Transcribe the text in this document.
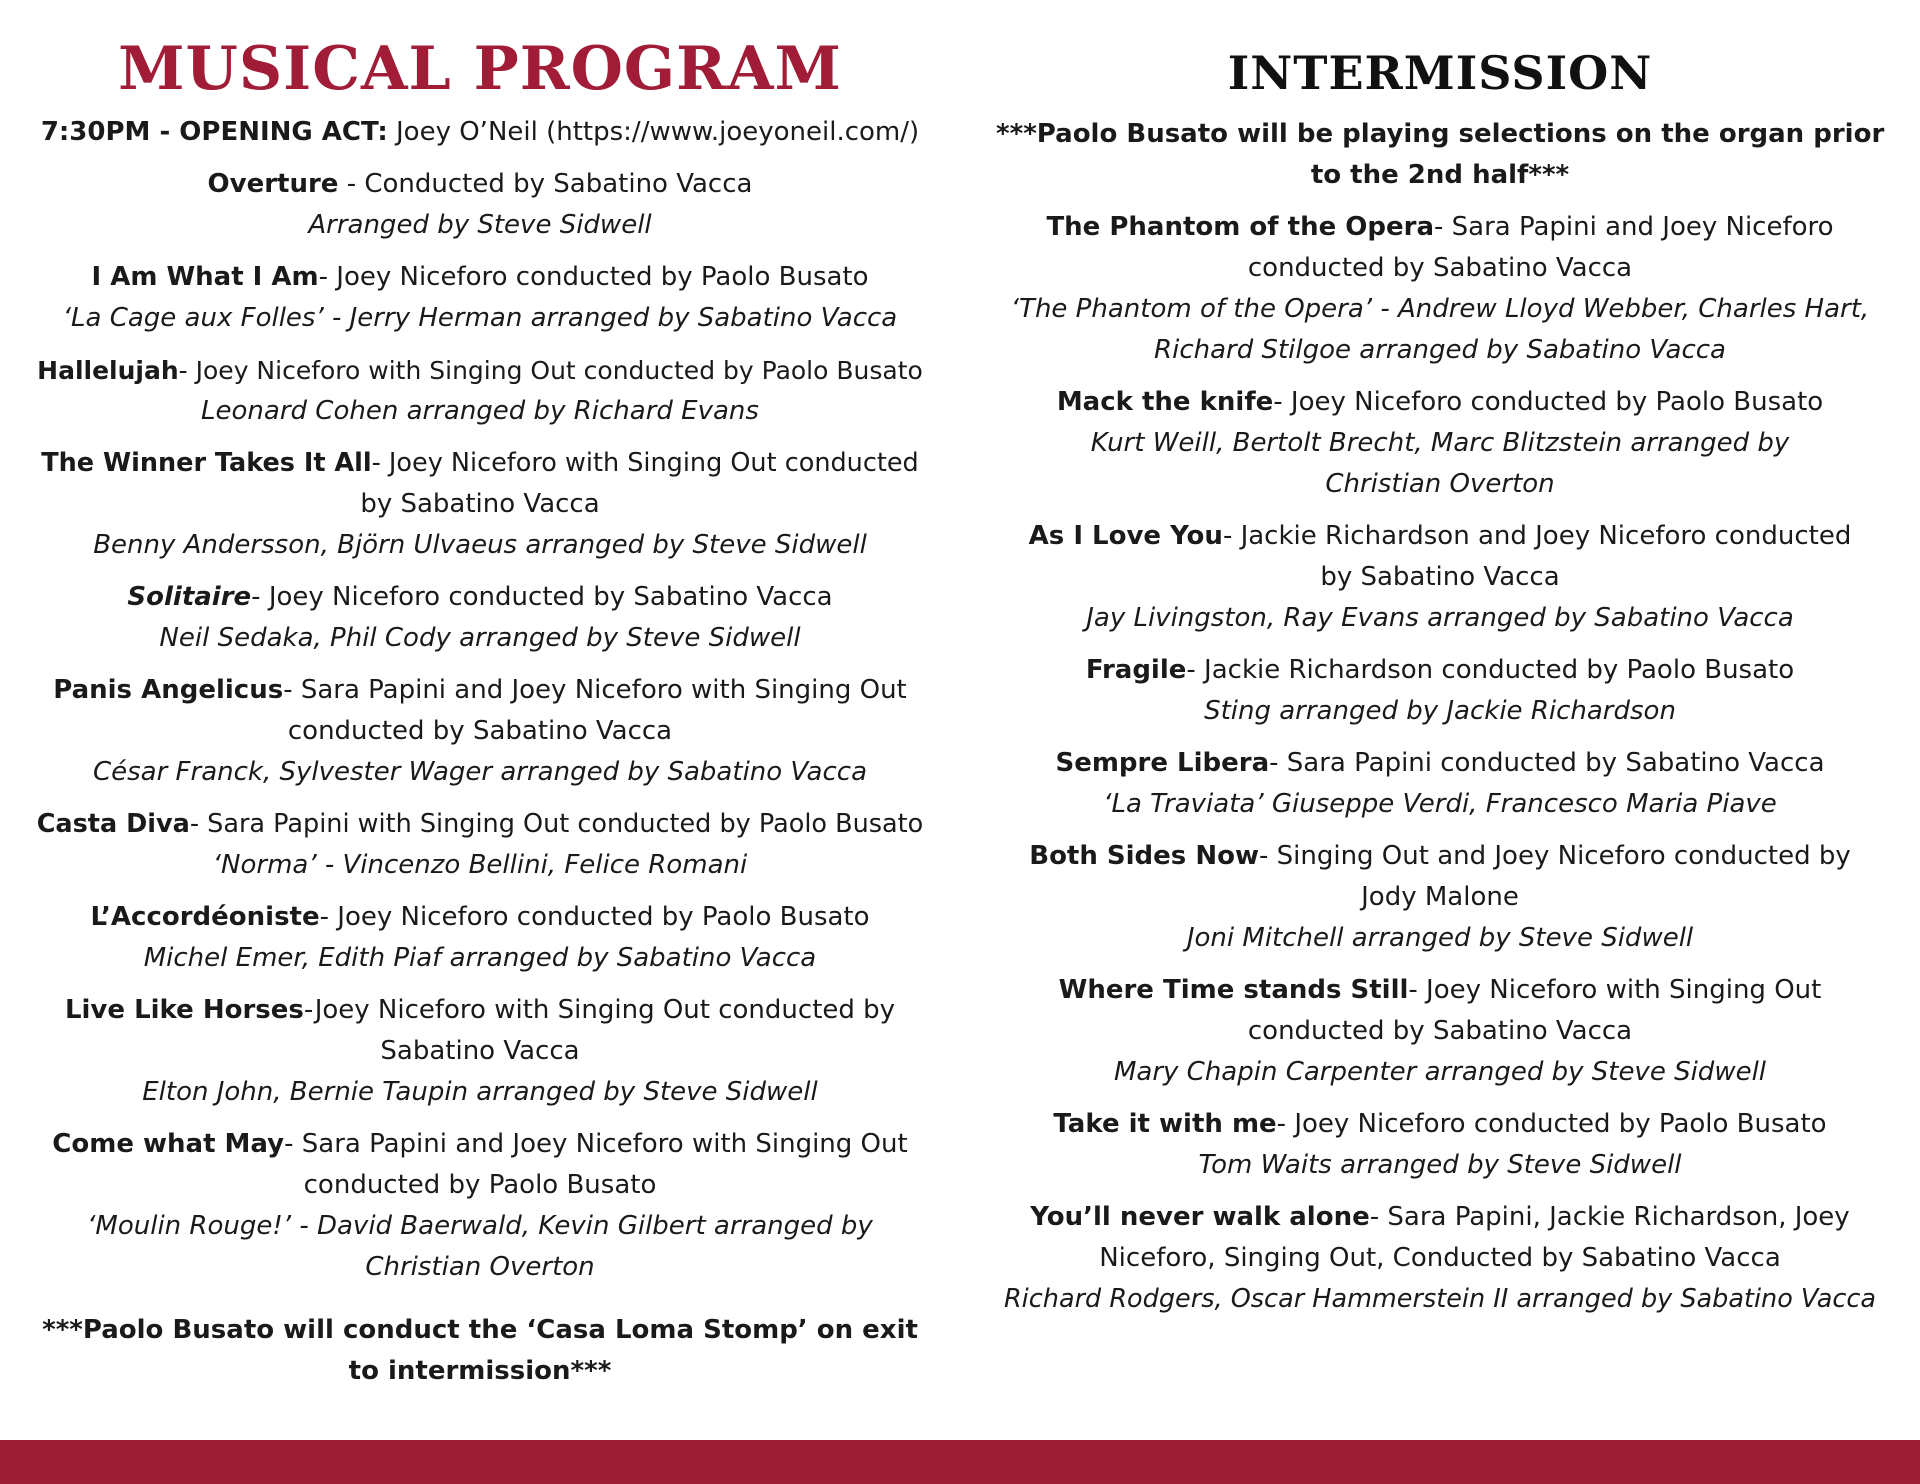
MUSICAL PROGRAM
7:30PM - OPENING ACT: Joey O’Neil (https://www.joeyoneil.com/)
Overture - Conducted by Sabatino Vacca
Arranged by Steve Sidwell
I Am What I Am- Joey Niceforo conducted by Paolo Busato
‘La Cage aux Folles’ - Jerry Herman arranged by Sabatino Vacca
Hallelujah- Joey Niceforo with Singing Out conducted by Paolo Busato
Leonard Cohen arranged by Richard Evans
The Winner Takes It All- Joey Niceforo with Singing Out conducted
by Sabatino Vacca
Benny Andersson, Björn Ulvaeus arranged by Steve Sidwell
Solitaire- Joey Niceforo conducted by Sabatino Vacca
Neil Sedaka, Phil Cody arranged by Steve Sidwell
Panis Angelicus- Sara Papini and Joey Niceforo with Singing Out
conducted by Sabatino Vacca
César Franck, Sylvester Wager arranged by Sabatino Vacca
Casta Diva- Sara Papini with Singing Out conducted by Paolo Busato
‘Norma’ - Vincenzo Bellini, Felice Romani
L’Accordéoniste- Joey Niceforo conducted by Paolo Busato
Michel Emer, Edith Piaf arranged by Sabatino Vacca
Live Like Horses-Joey Niceforo with Singing Out conducted by
Sabatino Vacca
Elton John, Bernie Taupin arranged by Steve Sidwell
Come what May- Sara Papini and Joey Niceforo with Singing Out
conducted by Paolo Busato
‘Moulin Rouge!’ - David Baerwald, Kevin Gilbert arranged by
Christian Overton
***Paolo Busato will conduct the ‘Casa Loma Stomp’ on exit
to intermission***
INTERMISSION
***Paolo Busato will be playing selections on the organ prior
to the 2nd half***
The Phantom of the Opera- Sara Papini and Joey Niceforo
conducted by Sabatino Vacca
‘The Phantom of the Opera’ - Andrew Lloyd Webber, Charles Hart,
Richard Stilgoe arranged by Sabatino Vacca
Mack the knife- Joey Niceforo conducted by Paolo Busato
Kurt Weill, Bertolt Brecht, Marc Blitzstein arranged by
Christian Overton
As I Love You- Jackie Richardson and Joey Niceforo conducted
by Sabatino Vacca
Jay Livingston, Ray Evans arranged by Sabatino Vacca
Fragile- Jackie Richardson conducted by Paolo Busato
Sting arranged by Jackie Richardson
Sempre Libera- Sara Papini conducted by Sabatino Vacca
‘La Traviata’ Giuseppe Verdi, Francesco Maria Piave
Both Sides Now- Singing Out and Joey Niceforo conducted by
Jody Malone
Joni Mitchell arranged by Steve Sidwell
Where Time stands Still- Joey Niceforo with Singing Out
conducted by Sabatino Vacca
Mary Chapin Carpenter arranged by Steve Sidwell
Take it with me- Joey Niceforo conducted by Paolo Busato
Tom Waits arranged by Steve Sidwell
You’ll never walk alone- Sara Papini, Jackie Richardson, Joey
Niceforo, Singing Out, Conducted by Sabatino Vacca
Richard Rodgers, Oscar Hammerstein II arranged by Sabatino Vacca
